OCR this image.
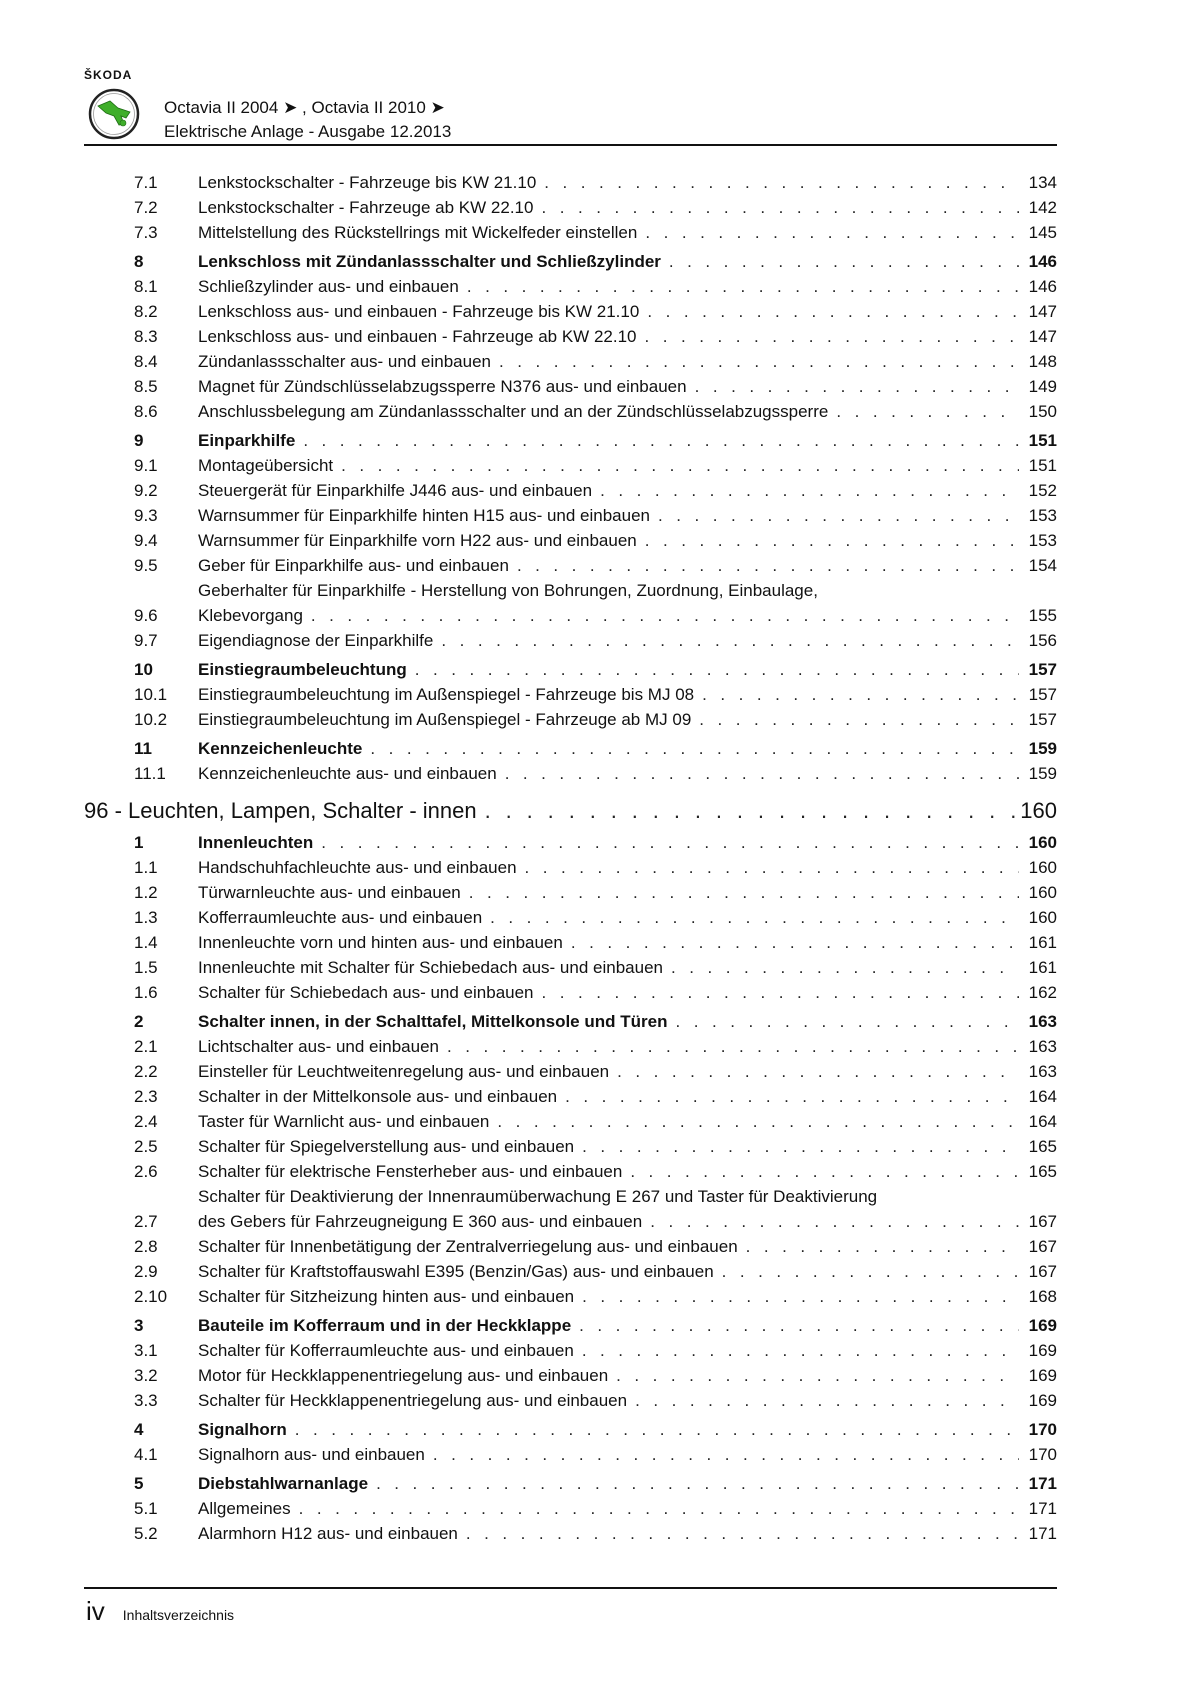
ŠKODA
Octavia II 2004 ➤ , Octavia II 2010 ➤
Elektrische Anlage - Ausgabe 12.2013
7.1	Lenkstockschalter - Fahrzeuge bis KW 21.10 . . .	134
7.2	Lenkstockschalter - Fahrzeuge ab KW 22.10 . . .	142
7.3	Mittelstellung des Rückstellrings mit Wickelfeder einstellen . . .	145
8	Lenkschloss mit Zündanlassschalter und Schließzylinder . . .	146
8.1	Schließzylinder aus- und einbauen . . .	146
8.2	Lenkschloss aus- und einbauen - Fahrzeuge bis KW 21.10 . . .	147
8.3	Lenkschloss aus- und einbauen - Fahrzeuge ab KW 22.10 . . .	147
8.4	Zündanlassschalter aus- und einbauen . . .	148
8.5	Magnet für Zündschlüsselabzugssperre N376 aus- und einbauen . . .	149
8.6	Anschlussbelegung am Zündanlassschalter und an der Zündschlüsselabzugssperre . . .	150
9	Einparkhilfe . . .	151
9.1	Montageübersicht . . .	151
9.2	Steuergerät für Einparkhilfe J446 aus- und einbauen . . .	152
9.3	Warnsummer für Einparkhilfe hinten H15 aus- und einbauen . . .	153
9.4	Warnsummer für Einparkhilfe vorn H22 aus- und einbauen . . .	153
9.5	Geber für Einparkhilfe aus- und einbauen . . .	154
9.6
Geberhalter für Einparkhilfe - Herstellung von Bohrungen, Zuordnung, Einbaulage,
Klebevorgang . . .	155
9.7	Eigendiagnose der Einparkhilfe . . .	156
10	Einstiegraumbeleuchtung . . .	157
10.1	Einstiegraumbeleuchtung im Außenspiegel - Fahrzeuge bis MJ 08 . . .	157
10.2	Einstiegraumbeleuchtung im Außenspiegel - Fahrzeuge ab MJ 09 . . .	157
11	Kennzeichenleuchte . . .	159
11.1	Kennzeichenleuchte aus- und einbauen . . .	159
96 - Leuchten, Lampen, Schalter - innen . . .	160
1	Innenleuchten . . .	160
1.1	Handschuhfachleuchte aus- und einbauen . . .	160
1.2	Türwarnleuchte aus- und einbauen . . .	160
1.3	Kofferraumleuchte aus- und einbauen . . .	160
1.4	Innenleuchte vorn und hinten aus- und einbauen . . .	161
1.5	Innenleuchte mit Schalter für Schiebedach aus- und einbauen . . .	161
1.6	Schalter für Schiebedach aus- und einbauen . . .	162
2	Schalter innen, in der Schalttafel, Mittelkonsole und Türen . . .	163
2.1	Lichtschalter aus- und einbauen . . .	163
2.2	Einsteller für Leuchtweitenregelung aus- und einbauen . . .	163
2.3	Schalter in der Mittelkonsole aus- und einbauen . . .	164
2.4	Taster für Warnlicht aus- und einbauen . . .	164
2.5	Schalter für Spiegelverstellung aus- und einbauen . . .	165
2.6	Schalter für elektrische Fensterheber aus- und einbauen . . .	165
2.7
Schalter für Deaktivierung der Innenraumüberwachung E 267 und Taster für Deaktivierung
des Gebers für Fahrzeugneigung E 360 aus- und einbauen . . .	167
2.8	Schalter für Innenbetätigung der Zentralverriegelung aus- und einbauen . . .	167
2.9	Schalter für Kraftstoffauswahl E395 (Benzin/Gas) aus- und einbauen . . .	167
2.10	Schalter für Sitzheizung hinten aus- und einbauen . . .	168
3	Bauteile im Kofferraum und in der Heckklappe . . .	169
3.1	Schalter für Kofferraumleuchte aus- und einbauen . . .	169
3.2	Motor für Heckklappenentriegelung aus- und einbauen . . .	169
3.3	Schalter für Heckklappenentriegelung aus- und einbauen . . .	169
4	Signalhorn . . .	170
4.1	Signalhorn aus- und einbauen . . .	170
5	Diebstahlwarnanlage . . .	171
5.1	Allgemeines . . .	171
5.2	Alarmhorn H12 aus- und einbauen . . .	171
iv Inhaltsverzeichnis
